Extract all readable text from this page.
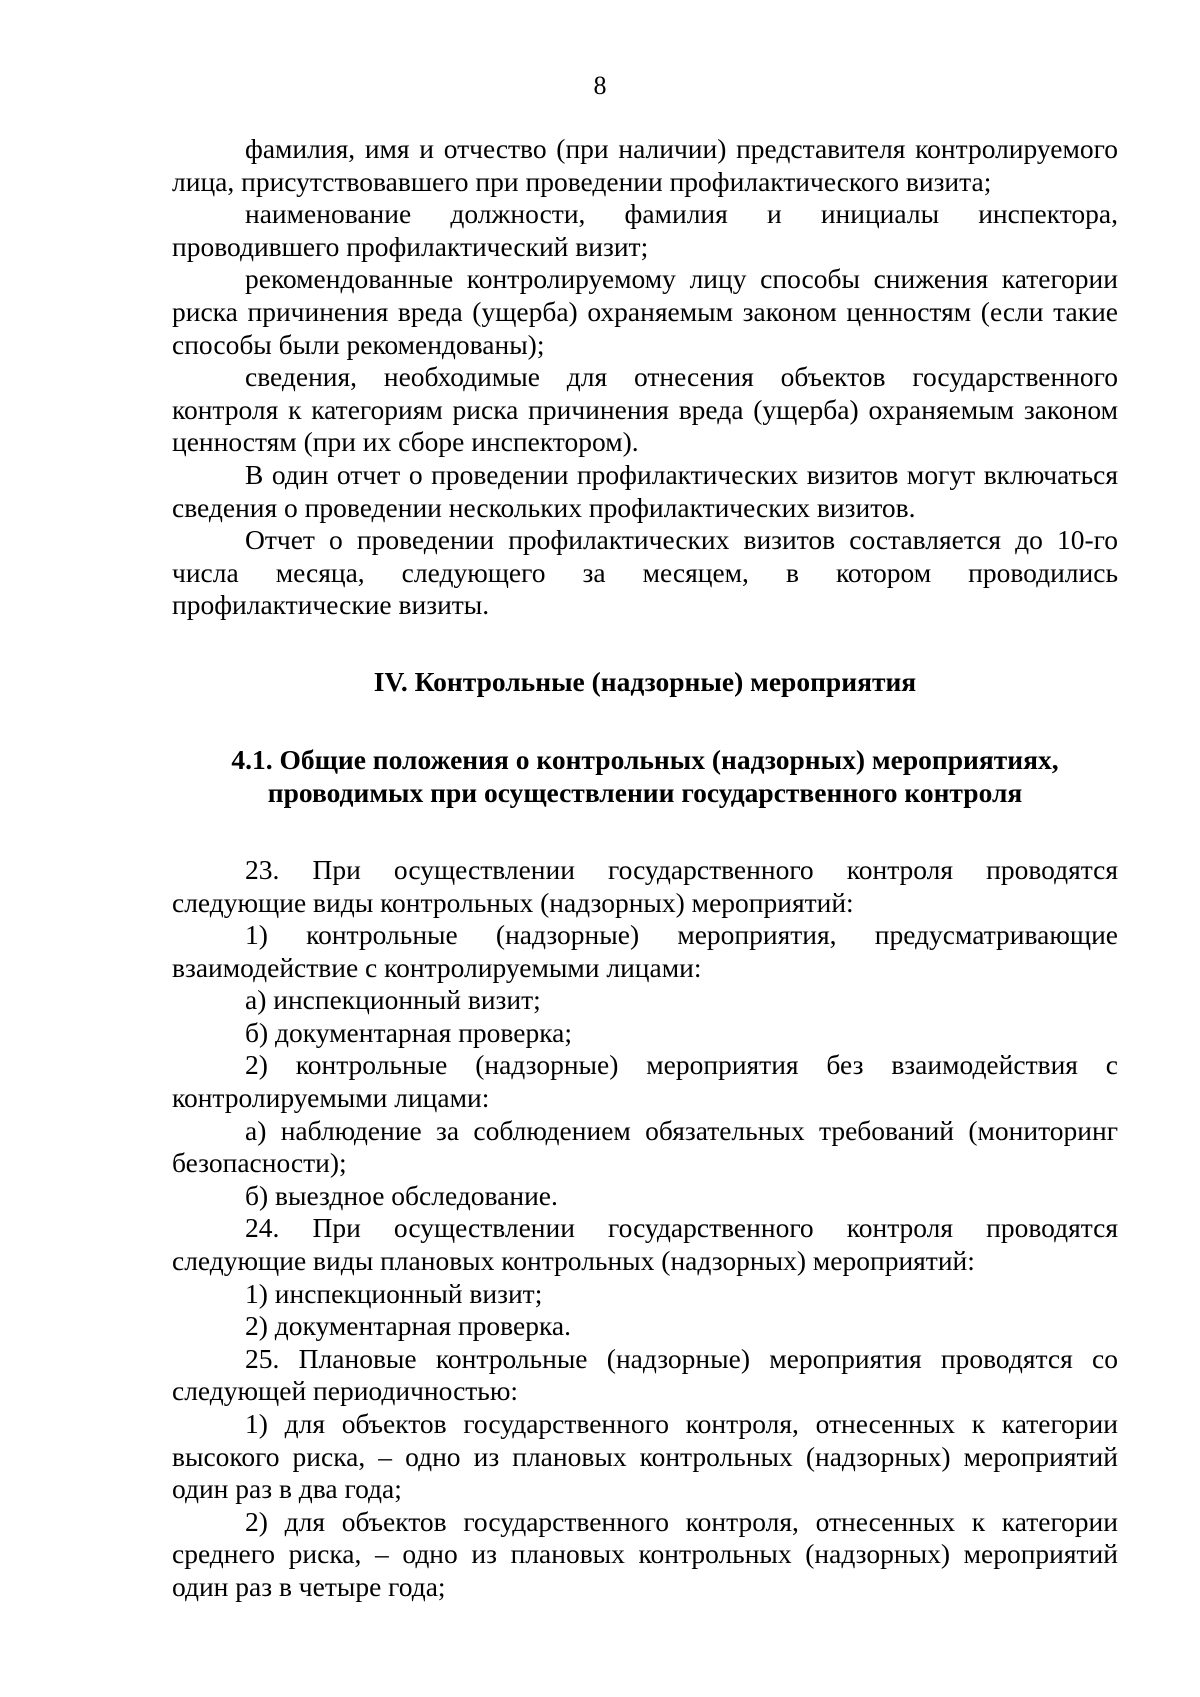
8

фамилия, имя и отчество (при наличии) представителя контролируемого лица, присутствовавшего при проведении профилактического визита;

наименование должности, фамилия и инициалы инспектора, проводившего профилактический визит;

рекомендованные контролируемому лицу способы снижения категории риска причинения вреда (ущерба) охраняемым законом ценностям (если такие способы были рекомендованы);

сведения, необходимые для отнесения объектов государственного контроля к категориям риска причинения вреда (ущерба) охраняемым законом ценностям (при их сборе инспектором).

В один отчет о проведении профилактических визитов могут включаться сведения о проведении нескольких профилактических визитов.

Отчет о проведении профилактических визитов составляется до 10-го числа месяца, следующего за месяцем, в котором проводились профилактические визиты.

IV. Контрольные (надзорные) мероприятия

4.1. Общие положения о контрольных (надзорных) мероприятиях,

проводимых при осуществлении государственного контроля

23. При осуществлении государственного контроля проводятся следующие виды контрольных (надзорных) мероприятий:

1) контрольные (надзорные) мероприятия, предусматривающие взаимодействие с контролируемыми лицами:

а) инспекционный визит;

б) документарная проверка;

2) контрольные (надзорные) мероприятия без взаимодействия с контролируемыми лицами:

а) наблюдение за соблюдением обязательных требований (мониторинг безопасности);

б) выездное обследование.

24. При осуществлении государственного контроля проводятся следующие виды плановых контрольных (надзорных) мероприятий:

1) инспекционный визит;

2) документарная проверка.

25. Плановые контрольные (надзорные) мероприятия проводятся со следующей периодичностью:

1) для объектов государственного контроля, отнесенных к категории высокого риска, – одно из плановых контрольных (надзорных) мероприятий один раз в два года;

2) для объектов государственного контроля, отнесенных к категории среднего риска, – одно из плановых контрольных (надзорных) мероприятий один раз в четыре года;
